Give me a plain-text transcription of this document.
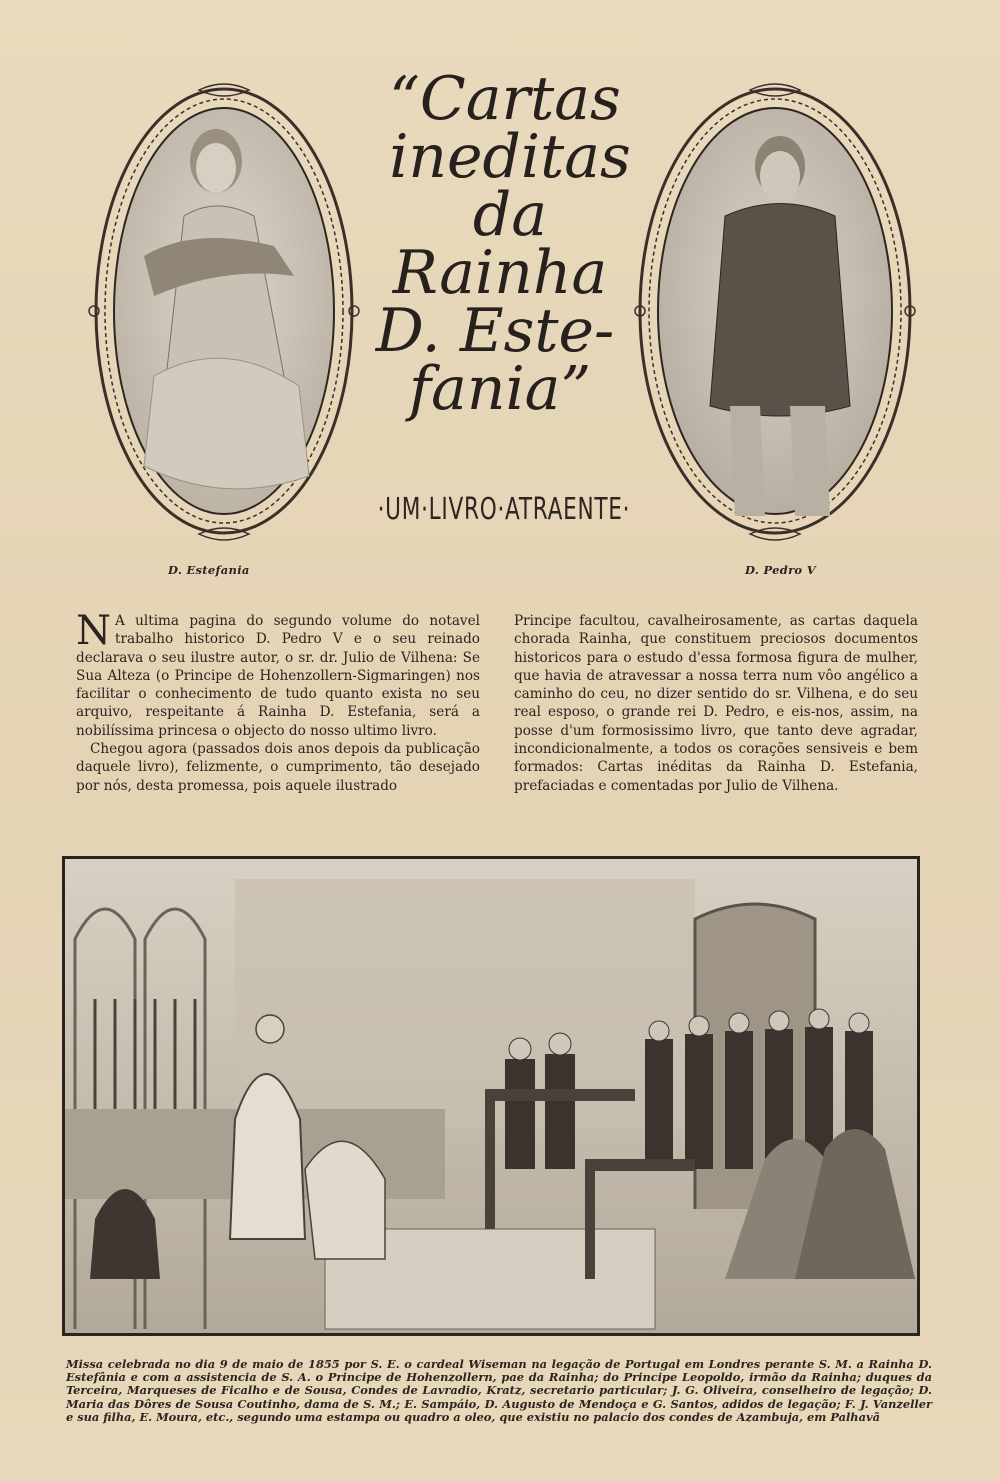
D. Estefania	D. Pedro V
“Cartas
ineditas
da
Rainha
D. Este-
fania”
·UM·LIVRO·ATRAENTE·

N A ultima pagina do segundo volume do notavel trabalho historico D. Pedro V e o seu reinado declarava o seu ilustre autor, o sr. dr. Julio de Vilhena: Se Sua Alteza (o Principe de Hohenzollern-Sigmaringen) nos facilitar o conhecimento de tudo quanto exista no seu arquivo, respeitante á Rainha D. Estefania, será a nobilíssima princesa o objecto do nosso ultimo livro.

Chegou agora (passados dois anos depois da publicação daquele livro), felizmente, o cumprimento, tão desejado por nós, desta promessa, pois aquele ilustrado

Principe facultou, cavalheirosamente, as cartas daquela chorada Rainha, que constituem preciosos documentos historicos para o estudo d'essa formosa figura de mulher, que havia de atravessar a nossa terra num vôo angélico a caminho do ceu, no dizer sentido do sr. Vilhena, e do seu real esposo, o grande rei D. Pedro, e eis-nos, assim, na posse d'um formosissimo livro, que tanto deve agradar, incondicionalmente, a todos os corações sensiveis e bem formados: Cartas inéditas da Rainha D. Estefania, prefaciadas e comentadas por Julio de Vilhena.

Missa celebrada no dia 9 de maio de 1855 por S. E. o cardeal Wiseman na legação de Portugal em Londres perante S. M. a Rainha D. Estefânia e com a assistencia de S. A. o Principe de Hohenzollern, pae da Rainha; do Principe Leopoldo, irmão da Rainha; duques da Terceira, Marqueses de Ficalho e de Sousa, Condes de Lavradio, Kratz, secretario particular; J. G. Oliveira, conselheiro de legação; D. Maria das Dôres de Sousa Coutinho, dama de S. M.; E. Sampáio, D. Augusto de Mendoça e G. Santos, adidos de legação; F. J. Vanzeller e sua filha, E. Moura, etc., segundo uma estampa ou quadro a oleo, que existiu no palacio dos condes de Azambuja, em Palhavã
